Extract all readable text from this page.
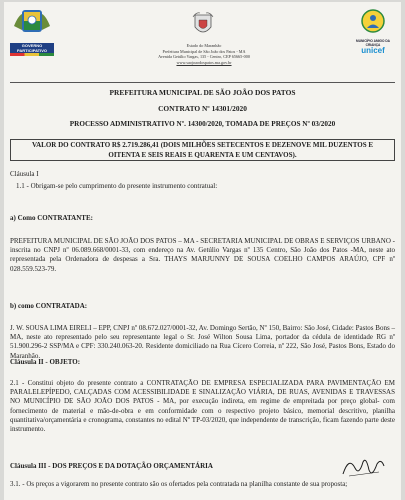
GOVERNO PARTICIPATIVO
MUNICÍPIO AMIGO DA CRIANÇA
unicef
Estado do Maranhão
Prefeitura Municipal de São João dos Patos - MA
Avenida Getúlio Vargas, 135 - Centro, CEP 65665-000
www.saojoaodospatos.ma.gov.br
PREFEITURA MUNICIPAL DE SÃO JOÃO DOS PATOS
CONTRATO Nº 14301/2020
PROCESSO ADMINISTRATIVO Nº. 14300/2020, TOMADA DE PREÇOS Nº 03/2020
VALOR DO CONTRATO R$ 2.719.286,41 (DOIS MILHÕES SETECENTOS E DEZENOVE MIL DUZENTOS E OITENTA E SEIS REAIS E QUARENTA E UM CENTAVOS).
Cláusula I
1.1 - Obrigam-se pelo cumprimento do presente instrumento contratual:
a) Como CONTRATANTE:
PREFEITURA MUNICIPAL DE SÃO JOÃO DOS PATOS – MA - SECRETARIA MUNICIPAL DE OBRAS E SERVIÇOS URBANO - inscrita no CNPJ nº 06.089.668/0001-33, com endereço na Av. Getúlio Vargas nº 135 Centro, São João dos Patos -MA, neste ato representada pela Ordenadora de despesas a Sra. THAYS MARJUNNY DE SOUSA COELHO CAMPOS ARAÚJO, CPF nº 028.559.523-79.
b) como CONTRATADA:
J. W. SOUSA LIMA EIRELI – EPP, CNPJ nº 08.672.027/0001-32, Av. Domingo Sertão, Nº 150, Bairro: São José, Cidade: Pastos Bons – MA, neste ato representado pelo seu representante legal o Sr. José Wilton Sousa Lima, portador da cédula de identidade RG nº 51.900.296-2 SSP/MA e CPF: 330.240.063-20. Residente domiciliado na Rua Cícero Correia, nº 222, São José, Pastos Bons, Estado do Maranhão.
Cláusula II - OBJETO:
2.1 - Constitui objeto do presente contrato a CONTRATAÇÃO DE EMPRESA ESPECIALIZADA PARA PAVIMENTAÇÃO EM PARALELEPÍPEDO, CALÇADAS COM ACESSIBILIDADE E SINALIZAÇÃO VIÁRIA, DE RUAS, AVENIDAS E TRAVESSAS NO MUNICÍPIO DE SÃO JOÃO DOS PATOS - MA, por execução indireta, em regime de empreitada por preço global- com fornecimento de material e mão-de-obra e em conformidade com o respectivo projeto básico, memorial descritivo, planilha quantitativa/orçamentária e cronograma, constantes no edital Nº TP-03/2020, que independente de transcrição, ficam fazendo parte deste instrumento.
Cláusula III - DOS PREÇOS E DA DOTAÇÃO ORÇAMENTÁRIA
3.1. - Os preços a vigorarem no presente contrato são os ofertados pela contratada na planilha constante de sua proposta;
